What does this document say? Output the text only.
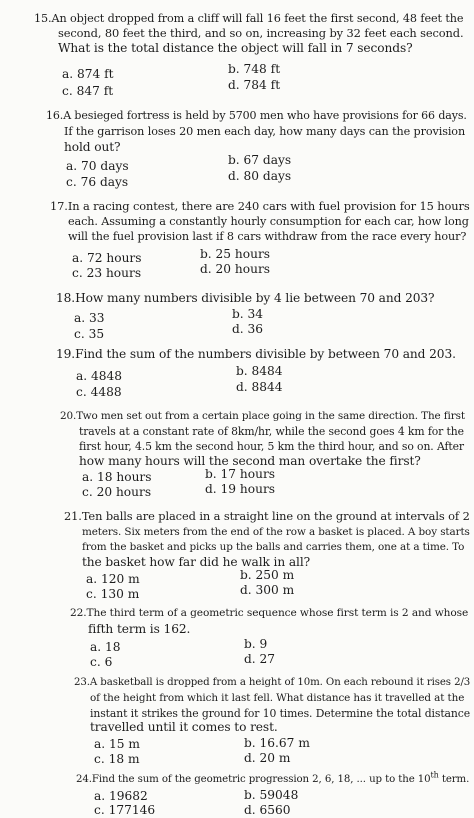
15.An object dropped from a cliff will fall 16 feet the first second, 48 feet the
second, 80 feet the third, and so on, increasing by 32 feet each second.
What is the total distance the object will fall in 7 seconds?
a. 874 ft	b. 748 ft
c. 847 ft	d. 784 ft
16.A besieged fortress is held by 5700 men who have provisions for 66 days.
If the garrison loses 20 men each day, how many days can the provision
hold out?
a. 70 days	b. 67 days
c. 76 days	d. 80 days
17.In a racing contest, there are 240 cars with fuel provision for 15 hours
each. Assuming a constantly hourly consumption for each car, how long
will the fuel provision last if 8 cars withdraw from the race every hour?
a. 72 hours	b. 25 hours
c. 23 hours	d. 20 hours
18.How many numbers divisible by 4 lie between 70 and 203?
a. 33	b. 34
c. 35	d. 36
19.Find the sum of the numbers divisible by between 70 and 203.
a. 4848	b. 8484
c. 4488	d. 8844
20.Two men set out from a certain place going in the same direction. The first
travels at a constant rate of 8km/hr, while the second goes 4 km for the
first hour, 4.5 km the second hour, 5 km the third hour, and so on. After
how many hours will the second man overtake the first?
a. 18 hours	b. 17 hours
c. 20 hours	d. 19 hours
21.Ten balls are placed in a straight line on the ground at intervals of 2
meters. Six meters from the end of the row a basket is placed. A boy starts
from the basket and picks up the balls and carries them, one at a time. To
the basket how far did he walk in all?
a. 120 m	b. 250 m
c. 130 m	d. 300 m
22.The third term of a geometric sequence whose first term is 2 and whose
fifth term is 162.
a. 18	b. 9
c. 6	d. 27
23.A basketball is dropped from a height of 10m. On each rebound it rises 2/3
of the height from which it last fell. What distance has it travelled at the
instant it strikes the ground for 10 times. Determine the total distance
travelled until it comes to rest.
a. 15 m	b. 16.67 m
c. 18 m	d. 20 m
24.Find the sum of the geometric progression 2, 6, 18, ... up to the 10th term.
a. 19682	b. 59048
c. 177146	d. 6560
